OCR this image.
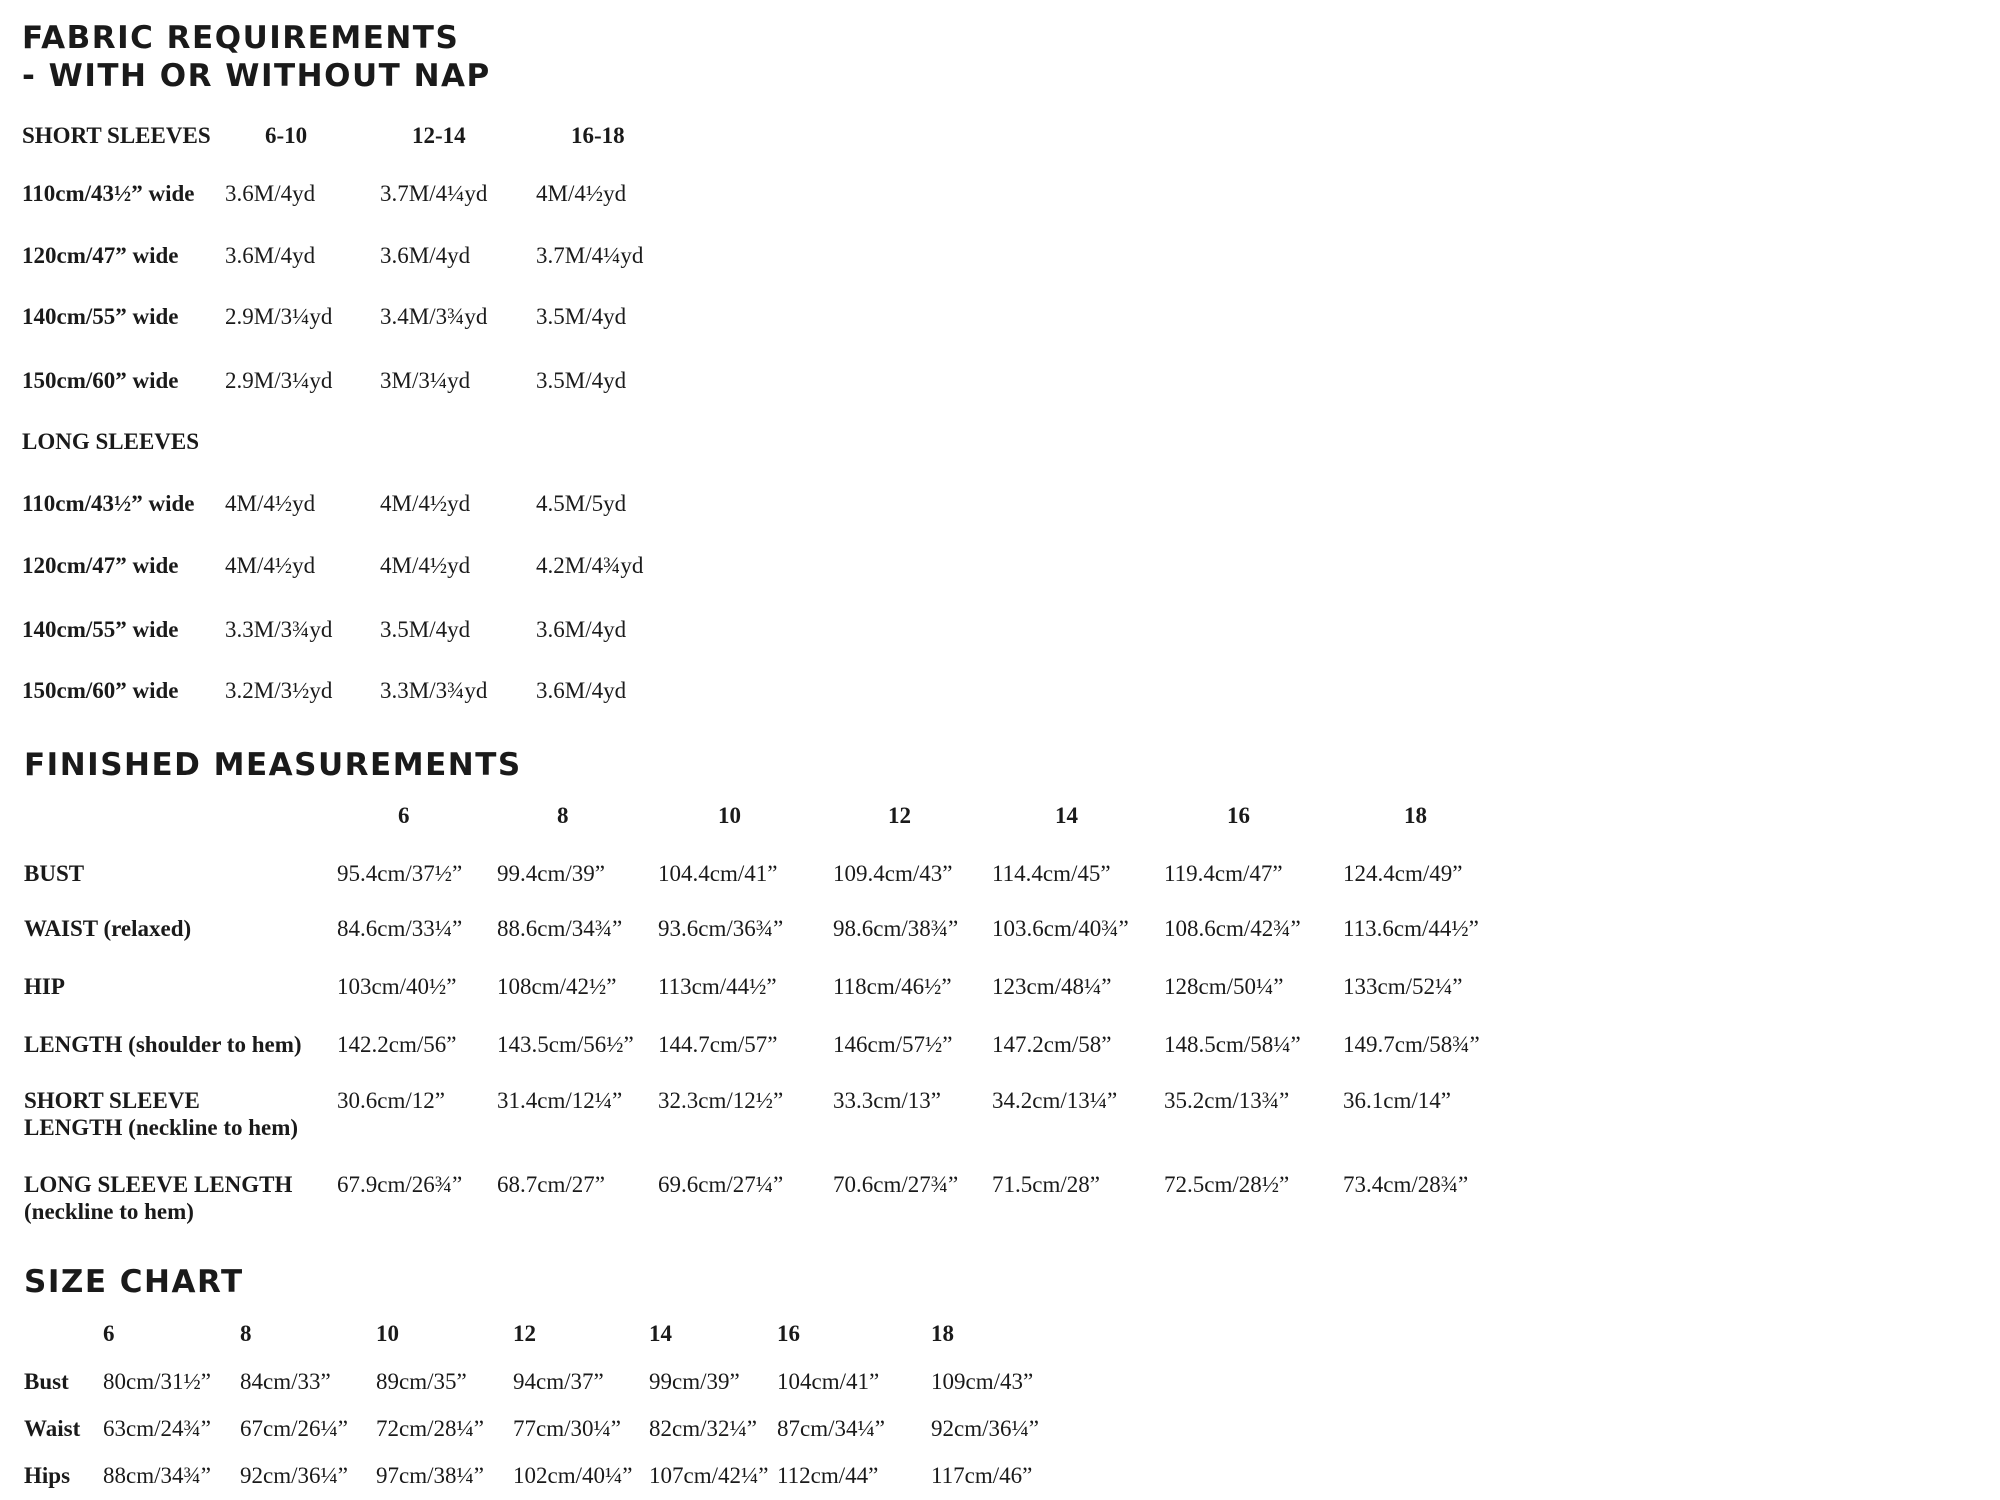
FABRIC REQUIREMENTS
- WITH OR WITHOUT NAP
SHORT SLEEVES 6-10	12-14	16-18
110cm/43½” wide 3.6M/4yd	3.7M/4¼yd 4M/4½yd
120cm/47” wide 3.6M/4yd	3.6M/4yd	3.7M/4¼yd
140cm/55” wide 2.9M/3¼yd 3.4M/3¾yd 3.5M/4yd
150cm/60” wide 2.9M/3¼yd 3M/3¼yd	3.5M/4yd
LONG SLEEVES
110cm/43½” wide 4M/4½yd	4M/4½yd	4.5M/5yd
120cm/47” wide 4M/4½yd	4M/4½yd	4.2M/4¾yd
140cm/55” wide 3.3M/3¾yd 3.5M/4yd	3.6M/4yd
150cm/60” wide 3.2M/3½yd 3.3M/3¾yd 3.6M/4yd
FINISHED MEASUREMENTS
6	8	10	12	14	16	18
BUST	95.4cm/37½” 99.4cm/39” 104.4cm/41” 109.4cm/43” 114.4cm/45” 119.4cm/47”	124.4cm/49”
WAIST (relaxed)	84.6cm/33¼” 88.6cm/34¾” 93.6cm/36¾” 98.6cm/38¾” 103.6cm/40¾” 108.6cm/42¾” 113.6cm/44½”
HIP	103cm/40½” 108cm/42½” 113cm/44½” 118cm/46½” 123cm/48¼” 128cm/50¼”	133cm/52¼”
LENGTH (shoulder to hem) 142.2cm/56” 143.5cm/56½” 144.7cm/57” 146cm/57½” 147.2cm/58” 148.5cm/58¼” 149.7cm/58¾”
SHORT SLEEVE
LENGTH (neckline to hem)
30.6cm/12” 31.4cm/12¼” 32.3cm/12½” 33.3cm/13” 34.2cm/13¼” 35.2cm/13¾” 36.1cm/14”
LONG SLEEVE LENGTH
(neckline to hem)
67.9cm/26¾” 68.7cm/27” 69.6cm/27¼” 70.6cm/27¾” 71.5cm/28”	72.5cm/28½” 73.4cm/28¾”
SIZE CHART
6	8	10	12	14	16	18
Bust 80cm/31½” 84cm/33” 89cm/35” 94cm/37” 99cm/39” 104cm/41” 109cm/43”
Waist 63cm/24¾” 67cm/26¼” 72cm/28¼” 77cm/30¼” 82cm/32¼” 87cm/34¼” 92cm/36¼”
Hips 88cm/34¾” 92cm/36¼” 97cm/38¼” 102cm/40¼” 107cm/42¼” 112cm/44” 117cm/46”
